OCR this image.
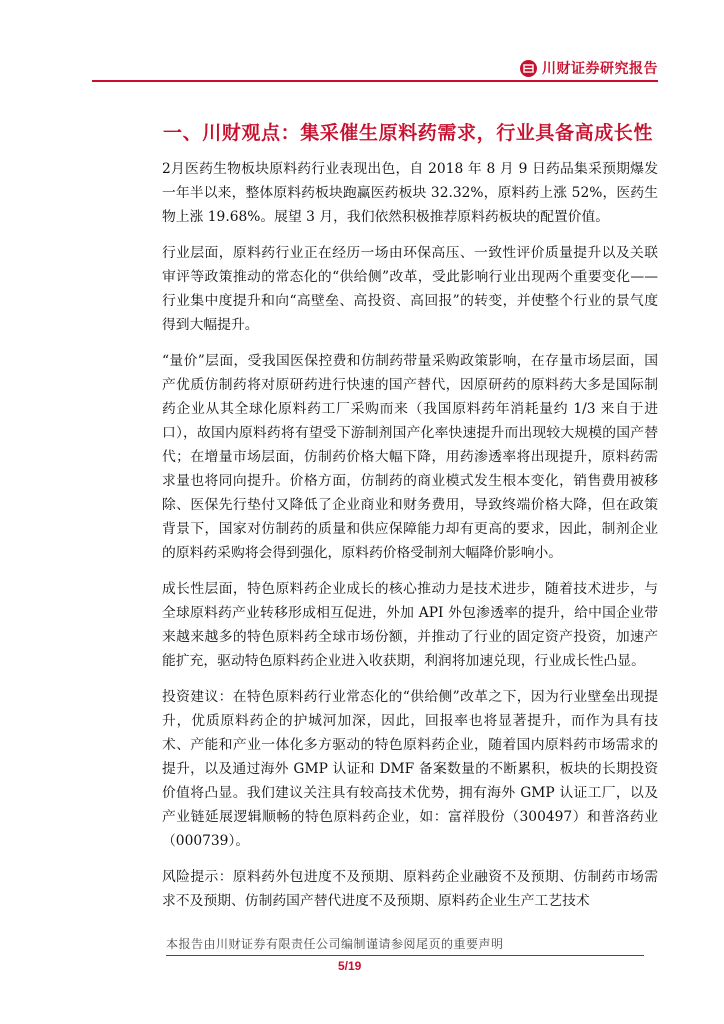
川财证券研究报告
一、川财观点：集采催生原料药需求，行业具备高成长性

2月医药生物板块原料药行业表现出色，自 2018 年 8 月 9 日药品集采预期爆发一年半以来，整体原料药板块跑赢医药板块 32.32%，原料药上涨 52%，医药生物上涨 19.68%。展望 3 月，我们依然积极推荐原料药板块的配置价值。

行业层面，原料药行业正在经历一场由环保高压、一致性评价质量提升以及关联审评等政策推动的常态化的“供给侧”改革，受此影响行业出现两个重要变化——行业集中度提升和向“高壁垒、高投资、高回报”的转变，并使整个行业的景气度得到大幅提升。

“量价”层面，受我国医保控费和仿制药带量采购政策影响，在存量市场层面，国产优质仿制药将对原研药进行快速的国产替代，因原研药的原料药大多是国际制药企业从其全球化原料药工厂采购而来（我国原料药年消耗量约 1/3 来自于进口），故国内原料药将有望受下游制剂国产化率快速提升而出现较大规模的国产替代；在增量市场层面，仿制药价格大幅下降，用药渗透率将出现提升，原料药需求量也将同向提升。价格方面，仿制药的商业模式发生根本变化，销售费用被移除、医保先行垫付又降低了企业商业和财务费用，导致终端价格大降，但在政策背景下，国家对仿制药的质量和供应保障能力却有更高的要求，因此，制剂企业的原料药采购将会得到强化，原料药价格受制剂大幅降价影响小。

成长性层面，特色原料药企业成长的核心推动力是技术进步，随着技术进步，与全球原料药产业转移形成相互促进，外加 API 外包渗透率的提升，给中国企业带来越来越多的特色原料药全球市场份额，并推动了行业的固定资产投资，加速产能扩充，驱动特色原料药企业进入收获期，利润将加速兑现，行业成长性凸显。

投资建议：在特色原料药行业常态化的“供给侧”改革之下，因为行业壁垒出现提升，优质原料药企的护城河加深，因此，回报率也将显著提升，而作为具有技术、产能和产业一体化多方驱动的特色原料药企业，随着国内原料药市场需求的提升，以及通过海外 GMP 认证和 DMF 备案数量的不断累积，板块的长期投资价值将凸显。我们建议关注具有较高技术优势，拥有海外 GMP 认证工厂，以及产业链延展逻辑顺畅的特色原料药企业，如：富祥股份（300497）和普洛药业（000739）。

风险提示：原料药外包进度不及预期、原料药企业融资不及预期、仿制药市场需求不及预期、仿制药国产替代进度不及预期、原料药企业生产工艺技术

本报告由川财证券有限责任公司编制谨请参阅尾页的重要声明
5/19
